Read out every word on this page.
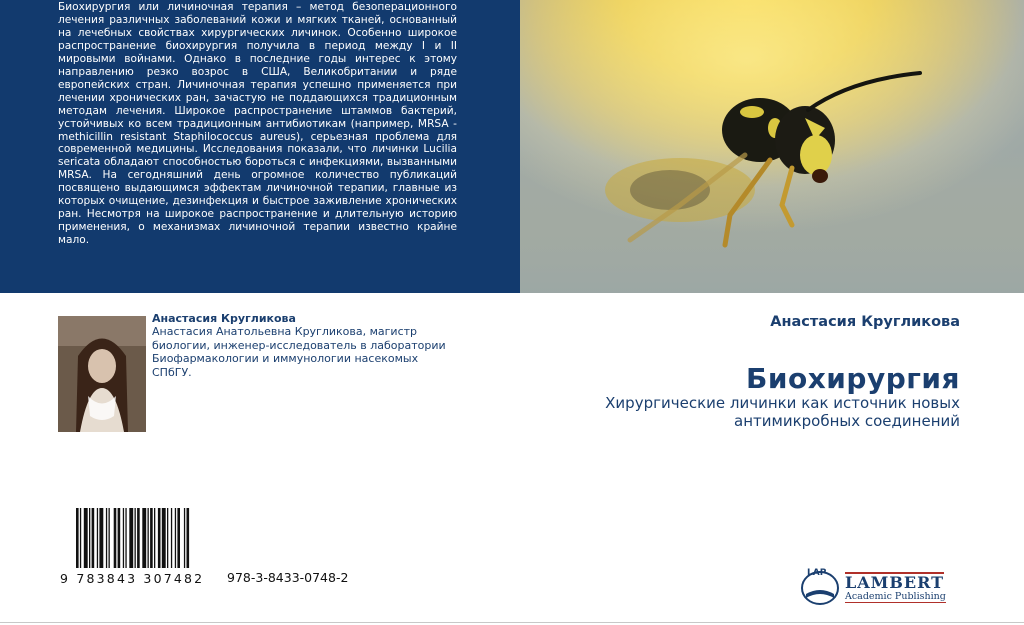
Биохирургия или личиночная терапия – метод безоперационного лечения различных заболеваний кожи и мягких тканей, основанный на лечебных свойствах хирургических личинок. Особенно широкое распространение биохирургия получила в период между I и II мировыми войнами. Однако в последние годы интерес к этому направлению резко возрос в США, Великобритании и ряде европейских стран. Личиночная терапия успешно применяется при лечении хронических ран, зачастую не поддающихся традиционным методам лечения. Широкое распространение штаммов бактерий, устойчивых ко всем традиционным антибиотикам (например, MRSA - methicillin resistant Staphilococcus aureus), серьезная проблема для современной медицины. Исследования показали, что личинки Lucilia sericata обладают способностью бороться с инфекциями, вызванными MRSA. На сегодняшний день огромное количество публикаций посвящено выдающимся эффектам личиночной терапии, главные из которых очищение, дезинфекция и быстрое заживление хронических ран. Несмотря на широкое распространение и длительную историю применения, о механизмах личиночной терапии известно крайне мало.

Анастасия Кругликова
Анастасия Анатольевна Кругликова, магистр биологии, инженер-исследователь в лаборатории Биофармакологии и иммунологии насекомых СПбГУ.
Анастасия Кругликова
Биохирургия
Хирургические личинки как источник новых антимикробных соединений
9 783843 307482 978-3-8433-0748-2	LAP LAMBERT
Academic Publishing
